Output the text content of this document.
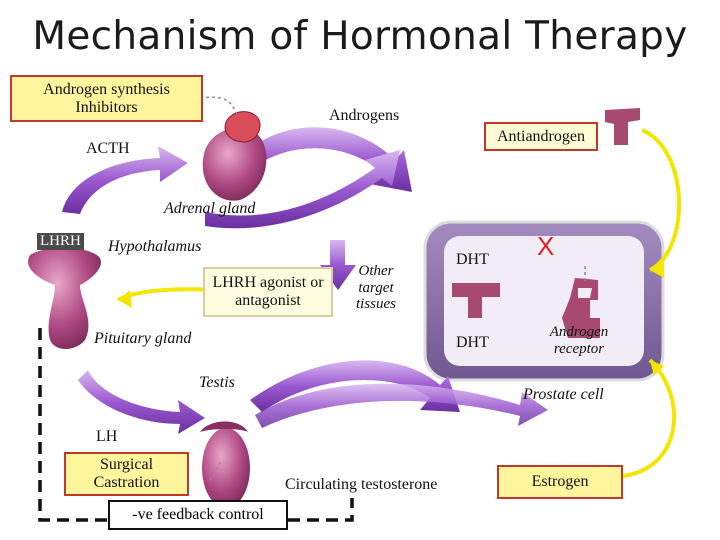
X
Mechanism of Hormonal Therapy
Androgen synthesis Inhibitors	Androgens
Antiandrogen
ACTH
Adrenal gland
LHRH Hypothalamus
LHRH agonist or antagonist
Other target tissues
DHT
DHT
Androgen receptor
Pituitary gland
Testis
Prostate cell
LH
Surgical Castration	Circulating testosterone	Estrogen
-ve feedback control
